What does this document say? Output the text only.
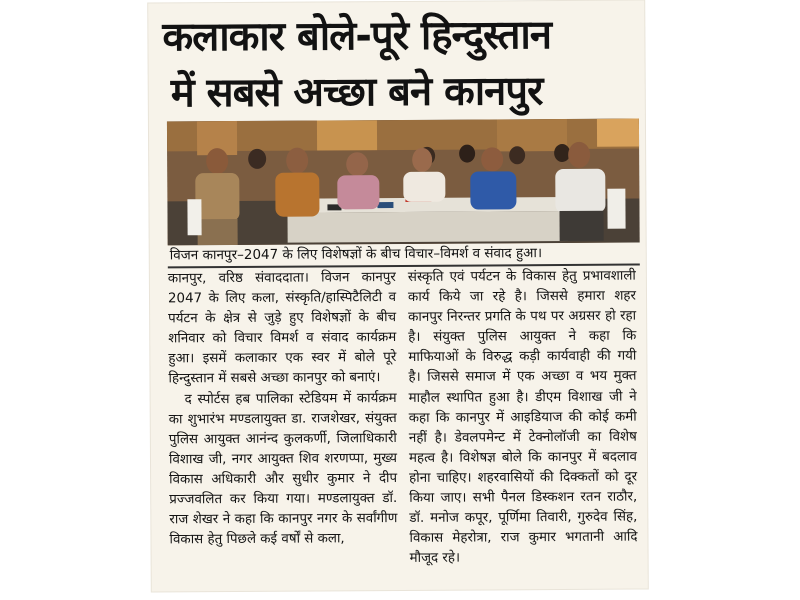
कलाकार बोले-पूरे हिन्दुस्तान
में सबसे अच्छा बने कानपुर
विजन कानपुर–2047 के लिए विशेषज्ञों के बीच विचार–विमर्श व संवाद हुआ।

कानपुर, वरिष्ठ संवाददाता। विजन कानपुर 2047 के लिए कला, संस्कृति/हास्पिटैलिटी व पर्यटन के क्षेत्र से जुड़े हुए विशेषज्ञों के बीच शनिवार को विचार विमर्श व संवाद कार्यक्रम हुआ। इसमें कलाकार एक स्वर में बोले पूरे हिन्दुस्तान में सबसे अच्छा कानपुर को बनाएं।

द स्पोर्टस हब पालिका स्टेडियम में कार्यक्रम का शुभारंभ मण्डलायुक्त डा. राजशेखर, संयुक्त पुलिस आयुक्त आनंन्द कुलकर्णी, जिलाधिकारी विशाख जी, नगर आयुक्त शिव शरणप्पा, मुख्य विकास अधिकारी और सुधीर कुमार ने दीप प्रज्जवलित कर किया गया। मण्डलायुक्त डॉ. राज शेखर ने कहा कि कानपुर नगर के सर्वांगीण विकास हेतु पिछले कई वर्षों से कला,

संस्कृति एवं पर्यटन के विकास हेतु प्रभावशाली कार्य किये जा रहे है। जिससे हमारा शहर कानपुर निरन्तर प्रगति के पथ पर अग्रसर हो रहा है। संयुक्त पुलिस आयुक्त ने कहा कि माफियाओं के विरुद्ध कड़ी कार्यवाही की गयी है। जिससे समाज में एक अच्छा व भय मुक्त माहौल स्थापित हुआ है। डीएम विशाख जी ने कहा कि कानपुर में आइडियाज की कोई कमी नहीं है। डेवलपमेन्ट में टेक्नोलॉजी का विशेष महत्व है। विशेषज्ञ बोले कि कानपुर में बदलाव होना चाहिए। शहरवासियों की दिक्कतों को दूर किया जाए। सभी पैनल डिस्कशन रतन राठौर, डॉ. मनोज कपूर, पूर्णिमा तिवारी, गुरुदेव सिंह, विकास मेहरोत्रा, राज कुमार भगतानी आदि मौजूद रहे।
